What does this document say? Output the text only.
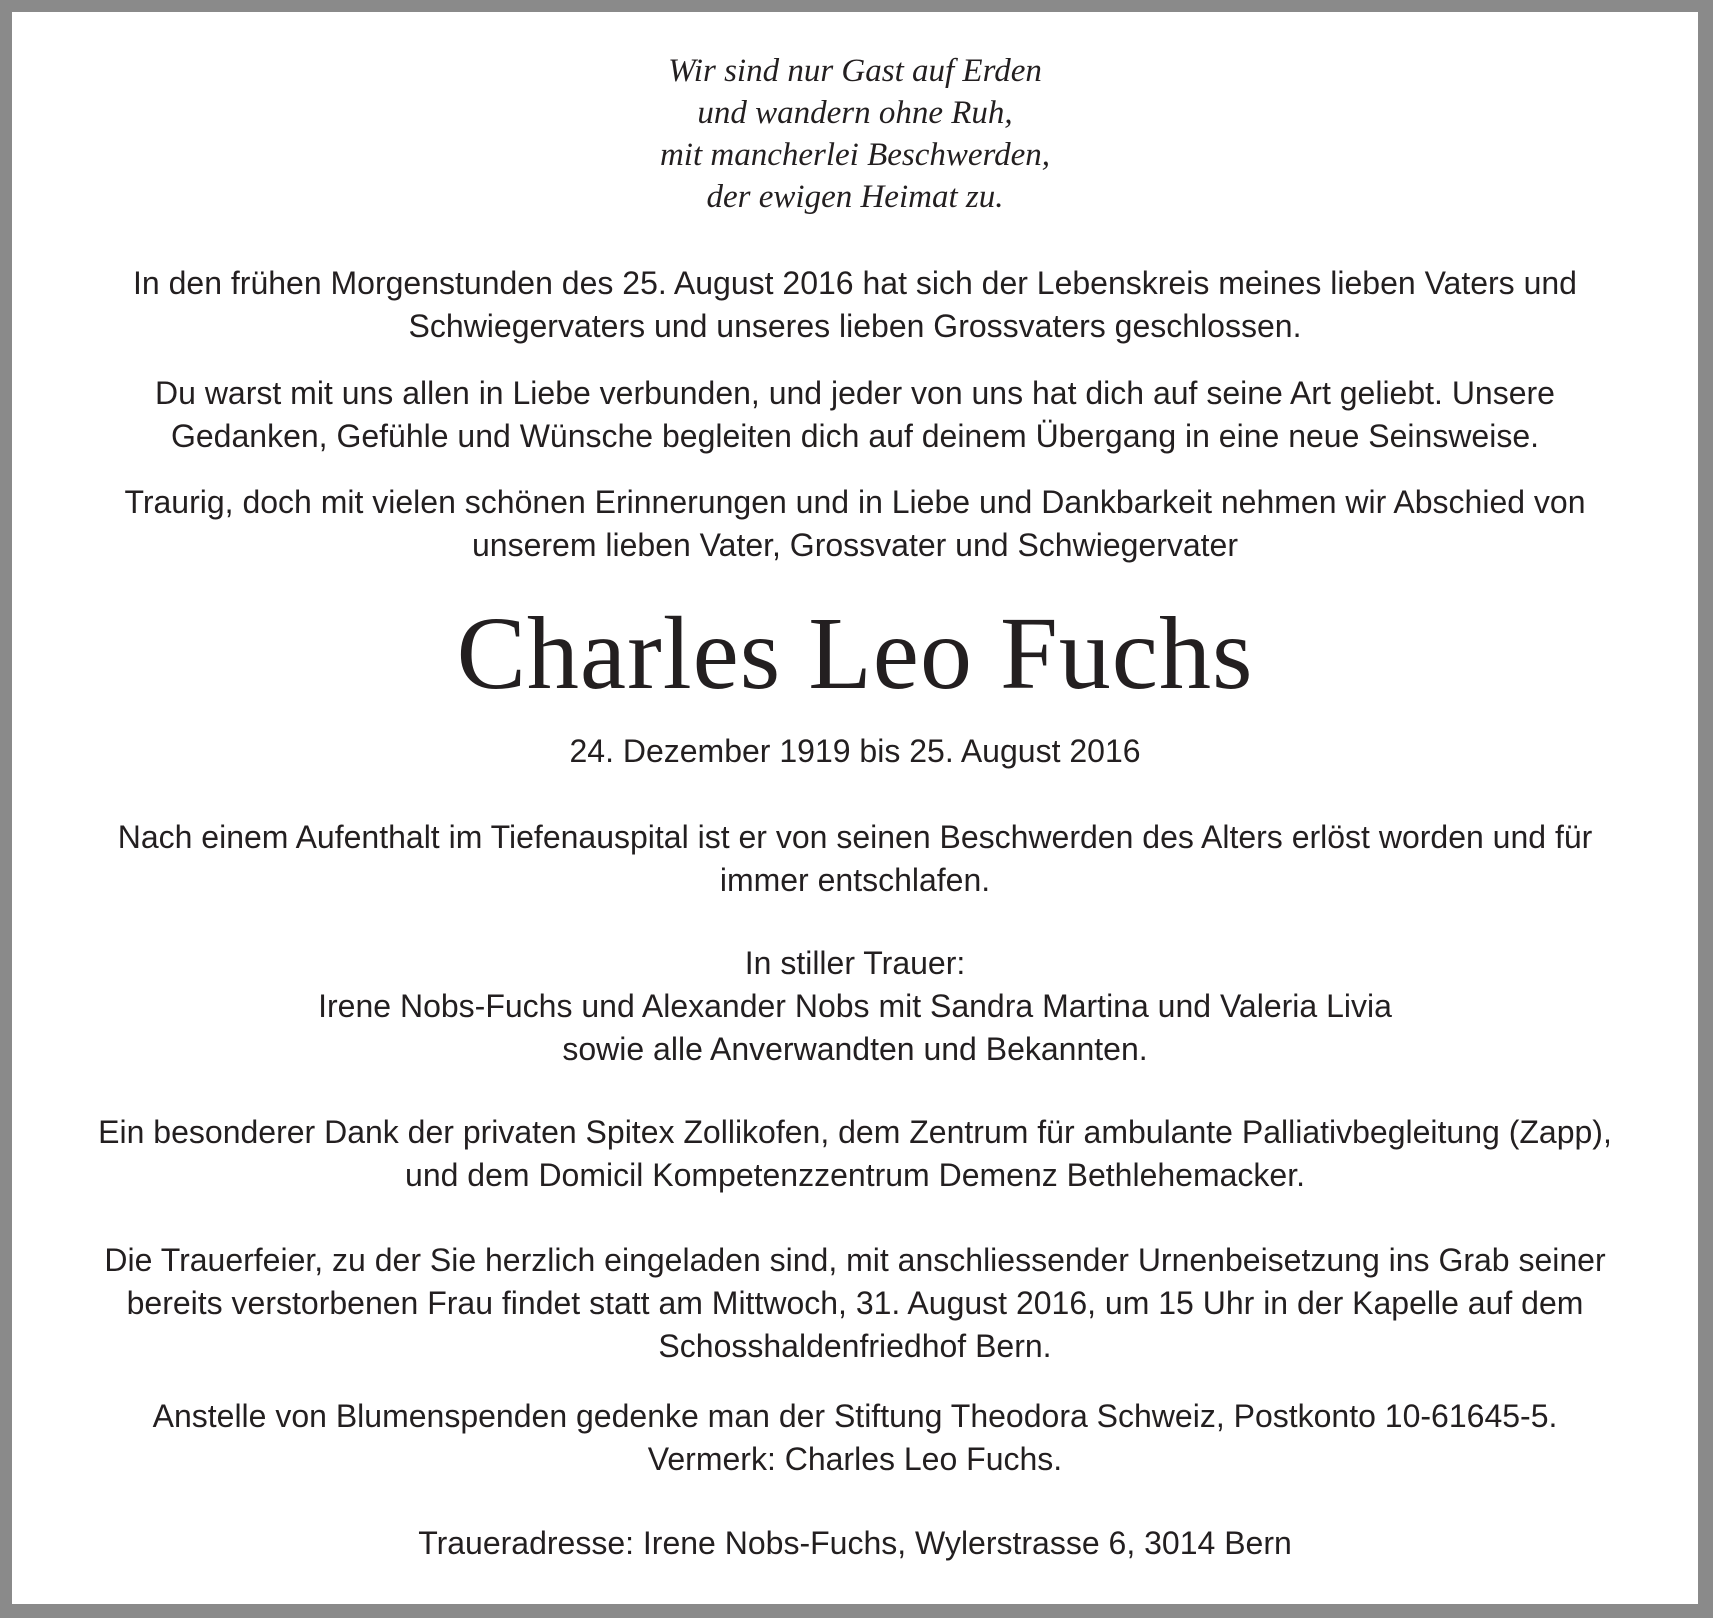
Wir sind nur Gast auf Erden
und wandern ohne Ruh,
mit mancherlei Beschwerden,
der ewigen Heimat zu.
In den frühen Morgenstunden des 25. August 2016 hat sich der Lebenskreis meines lieben Vaters und
Schwiegervaters und unseres lieben Grossvaters geschlossen.
Du warst mit uns allen in Liebe verbunden, und jeder von uns hat dich auf seine Art geliebt. Unsere
Gedanken, Gefühle und Wünsche begleiten dich auf deinem Übergang in eine neue Seinsweise.
Traurig, doch mit vielen schönen Erinnerungen und in Liebe und Dankbarkeit nehmen wir Abschied von
unserem lieben Vater, Grossvater und Schwiegervater
Charles Leo Fuchs
24. Dezember 1919 bis 25. August 2016
Nach einem Aufenthalt im Tiefenauspital ist er von seinen Beschwerden des Alters erlöst worden und für
immer entschlafen.
In stiller Trauer:
Irene Nobs-Fuchs und Alexander Nobs mit Sandra Martina und Valeria Livia
sowie alle Anverwandten und Bekannten.
Ein besonderer Dank der privaten Spitex Zollikofen, dem Zentrum für ambulante Palliativbegleitung (Zapp),
und dem Domicil Kompetenzzentrum Demenz Bethlehemacker.
Die Trauerfeier, zu der Sie herzlich eingeladen sind, mit anschliessender Urnenbeisetzung ins Grab seiner
bereits verstorbenen Frau findet statt am Mittwoch, 31. August 2016, um 15 Uhr in der Kapelle auf dem
Schosshaldenfriedhof Bern.
Anstelle von Blumenspenden gedenke man der Stiftung Theodora Schweiz, Postkonto 10-61645-5.
Vermerk: Charles Leo Fuchs.
Traueradresse: Irene Nobs-Fuchs, Wylerstrasse 6, 3014 Bern
